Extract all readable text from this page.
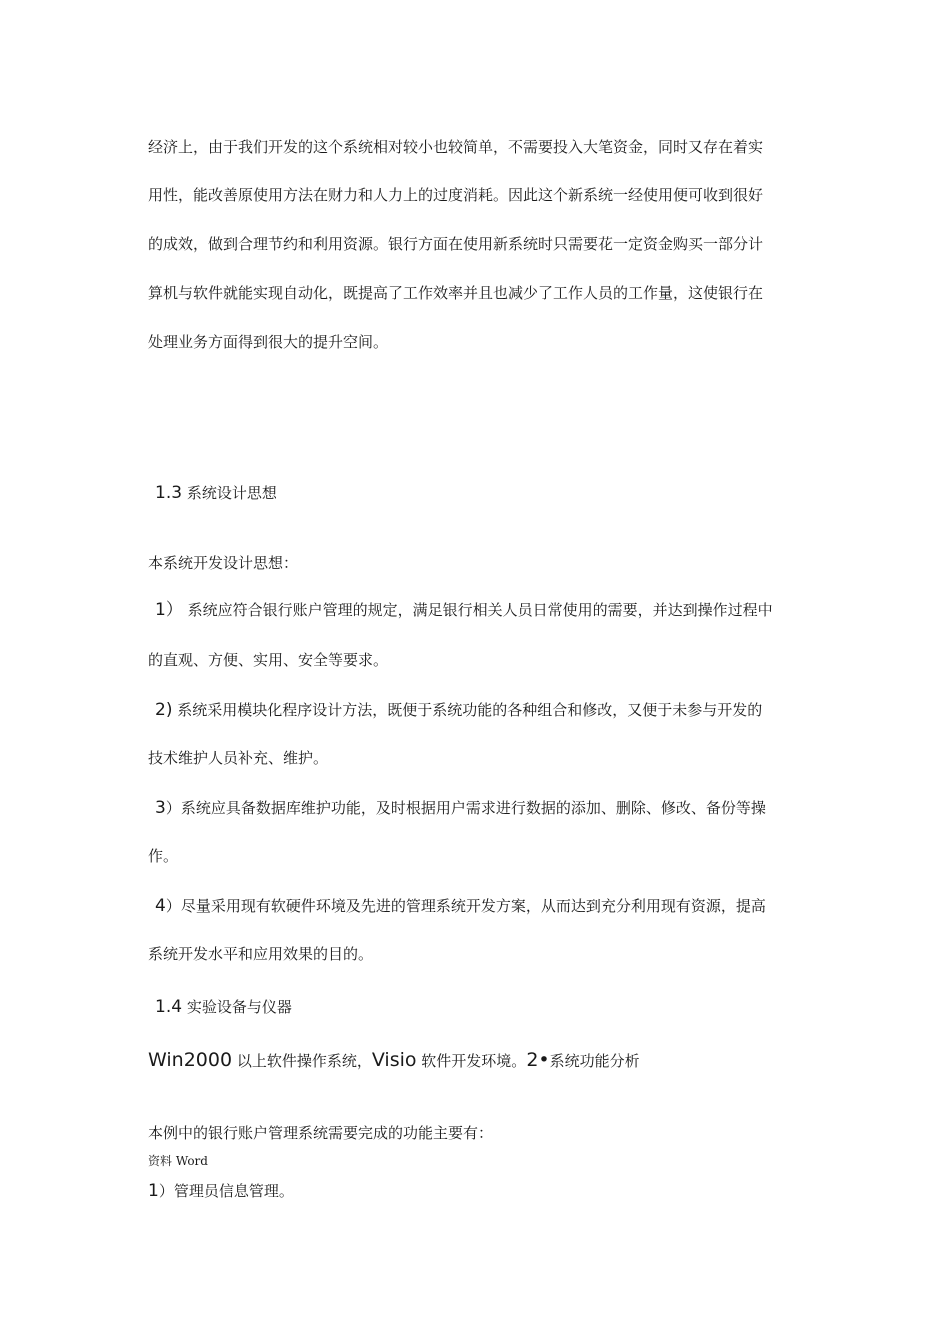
经济上，由于我们开发的这个系统相对较小也较简单，不需要投入大笔资金，同时又存在着实
用性，能改善原使用方法在财力和人力上的过度消耗。因此这个新系统一经使用便可收到很好
的成效，做到合理节约和利用资源。银行方面在使用新系统时只需要花一定资金购买一部分计
算机与软件就能实现自动化，既提高了工作效率并且也减少了工作人员的工作量，这使银行在
处理业务方面得到很大的提升空间。
1.3 系统设计思想
本系统开发设计思想：
1） 系统应符合银行账户管理的规定，满足银行相关人员日常使用的需要，并达到操作过程中
的直观、方便、实用、安全等要求。
2) 系统采用模块化程序设计方法，既便于系统功能的各种组合和修改，又便于未参与开发的
技术维护人员补充、维护。
3）系统应具备数据库维护功能，及时根据用户需求进行数据的添加、删除、修改、备份等操
作。
4）尽量采用现有软硬件环境及先进的管理系统开发方案，从而达到充分利用现有资源，提高
系统开发水平和应用效果的目的。
1.4 实验设备与仪器
Win2000 以上软件操作系统，Visio 软件开发环境。2•系统功能分析
本例中的银行账户管理系统需要完成的功能主要有：
资料 Word
1）管理员信息管理。
